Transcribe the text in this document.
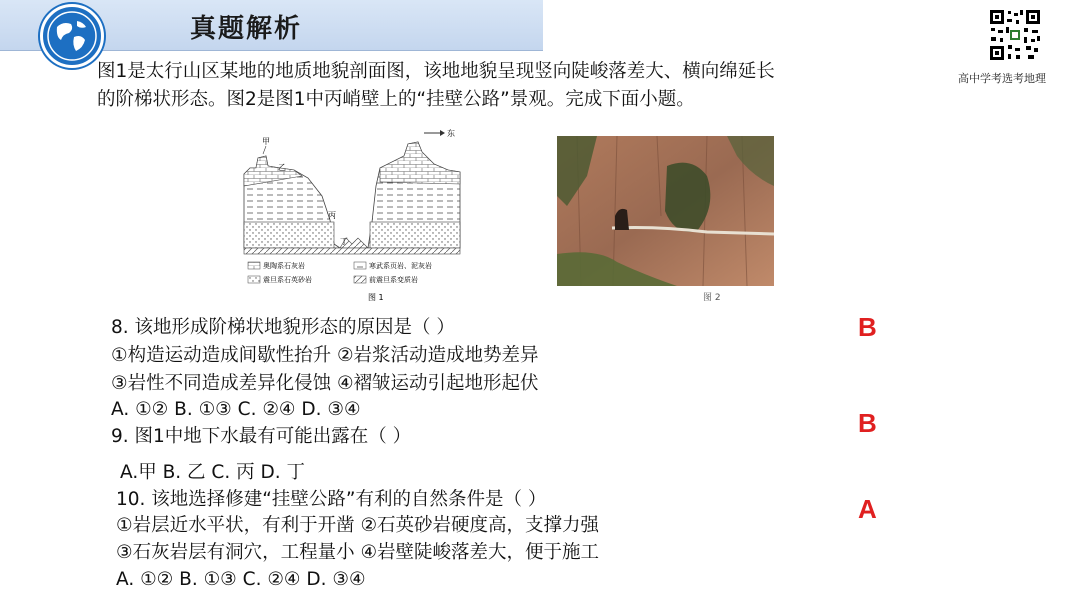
真题解析
高中学考选考地理
图1是太行山区某地的地质地貌剖面图，该地地貌呈现竖向陡峻落差大、横向绵延长
的阶梯状形态。图2是图1中丙峭壁上的“挂壁公路”景观。完成下面小题。
甲
乙
丙
丁
东
奥陶系石灰岩	寒武系页岩、泥灰岩
震旦系石英砂岩	前震旦系变质岩
图 1	图 2
8. 该地形成阶梯状地貌形态的原因是（ ）
①构造运动造成间歇性抬升 ②岩浆活动造成地势差异
③岩性不同造成差异化侵蚀 ④褶皱运动引起地形起伏
A. ①② B. ①③ C. ②④ D. ③④
B
9. 图1中地下水最有可能出露在（ ）
A.甲 B. 乙 C. 丙 D. 丁
B
10. 该地选择修建“挂壁公路”有利的自然条件是（ ）
①岩层近水平状，有利于开凿 ②石英砂岩硬度高，支撑力强
③石灰岩层有洞穴，工程量小 ④岩壁陡峻落差大，便于施工
A. ①② B. ①③ C. ②④ D. ③④
A
